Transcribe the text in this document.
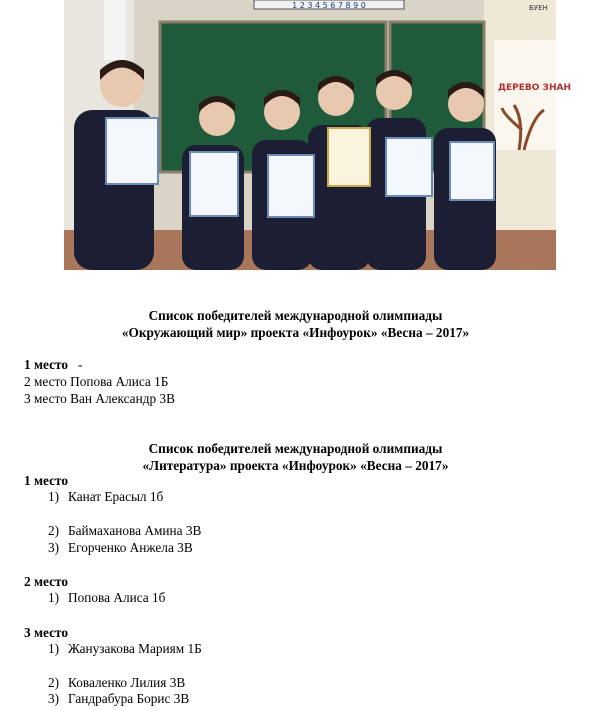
1 2 3 4 5 6 7 8 9 0
ДЕРЕВО ЗНАН
БУЕН
Список победителей международной олимпиады
«Окружающий мир» проекта «Инфоурок» «Весна – 2017»
1 место -
2 место Попова Алиса 1Б
3 место Ван Александр 3В
Список победителей международной олимпиады
«Литература» проекта «Инфоурок» «Весна – 2017»
1 место
1) Канат Ерасыл 1б
2) Баймаханова Амина 3В
3) Егорченко Анжела 3В
2 место
1) Попова Алиса 1б
3 место
1) Жанузакова Мариям 1Б
2) Коваленко Лилия 3В
3) Гандрабура Борис 3В
